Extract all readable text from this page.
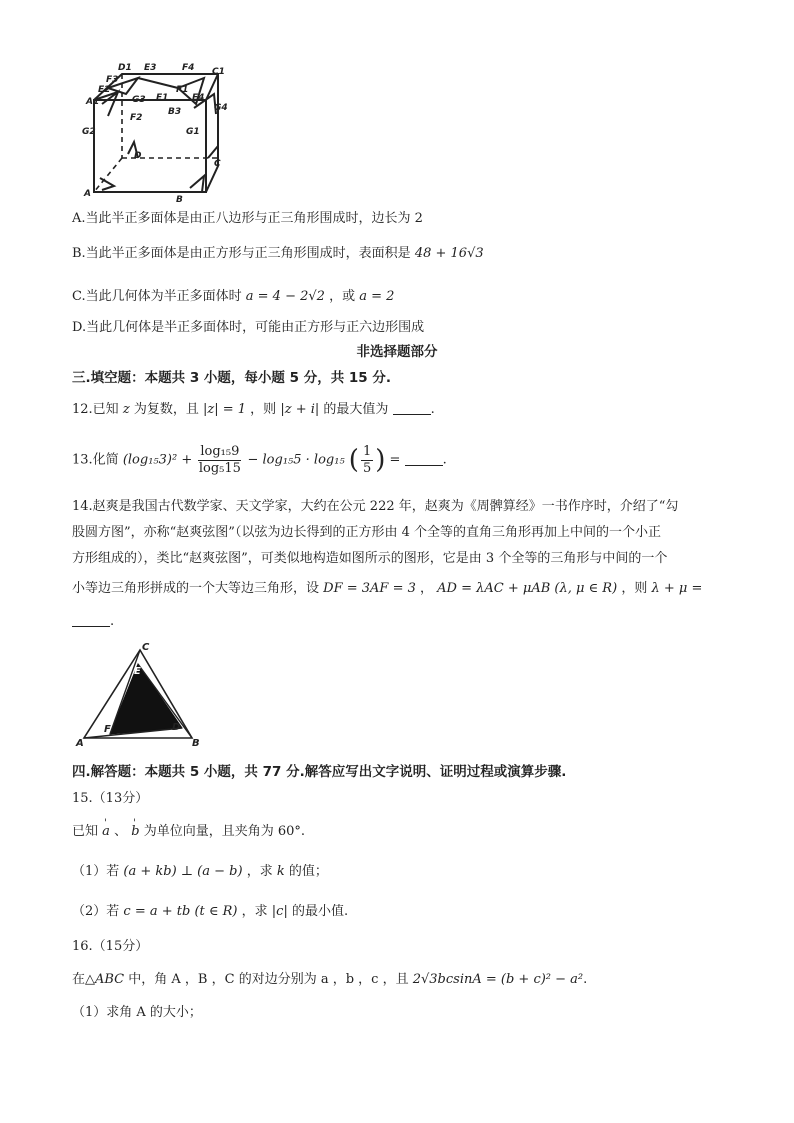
D1 E3	F4 C1
F3
E2
A1	G3 E1
F1
E4
G4
B3
F2
G2	G1
D
C
A
B
A.当此半正多面体是由正八边形与正三角形围成时，边长为 2
B.当此半正多面体是由正方形与正三角形围成时，表面积是 48 + 16√3
C.当此几何体为半正多面体时 a = 4 − 2√2 ，或 a = 2
D.当此几何体是半正多面体时，可能由正方形与正六边形围成
非选择题部分
三.填空题：本题共 3 小题，每小题 5 分，共 15 分.
12.已知 z 为复数，且 |z| = 1 ，则 |z + i| 的最大值为	.
13.化简 $(\log_{15}3)^2 + \frac{\text{log₁₅9}}{\text{log₅15}} - \log_{15}5 \cdot \log_{15}$ ( $\frac{1}{5}$ ) =	.
14.赵爽是我国古代数学家、天文学家，大约在公元 222 年，赵爽为《周髀算经》一书作序时，介绍了“勾
股圆方图”，亦称“赵爽弦图”（以弦为边长得到的正方形由 4 个全等的直角三角形再加上中间的一个小正
方形组成的），类比“赵爽弦图”，可类似地构造如图所示的图形，它是由 3 个全等的三角形与中间的一个
小等边三角形拼成的一个大等边三角形，设 DF = 3AF = 3 ， AD = λAC + μAB (λ, μ ∈ R) ，则 λ + μ =
.
C
E
F	D
A	B
四.解答题：本题共 5 小题，共 77 分.解答应写出文字说明、证明过程或演算步骤.
15.（13分）
已知 ' a 、 ' b 为单位向量，且夹角为 60°.
（1）若 (a + kb) ⊥ (a − b) ，求 k 的值；
（2）若 c = a + tb (t ∈ R) ，求 |c| 的最小值.
16.（15分）
在△ABC 中，角 A ，B ，C 的对边分别为 a ，b ，c ，且 2√3bcsinA = (b + c)² − a².
（1）求角 A 的大小；
